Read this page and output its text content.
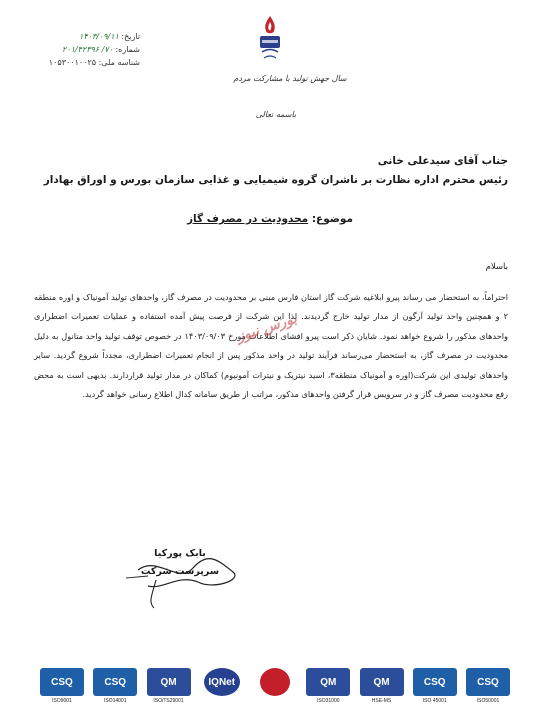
تاریخ: ۱۴۰۳/۰۹/۱۱
شماره: ۷۰/ ۲۰۱/۴۲۳۹۶
شناسه ملی: ۱۰۵۳۰۰۱۰۰۲۵
سال جهش تولید با مشارکت مردم
باسمه تعالی
جناب آقای سیدعلی خانی
رئیس محترم اداره نظارت بر ناشران گروه شیمیایی و غذایی سازمان بورس و اوراق بهادار
موضوع: محدودیت در مصرف گاز
باسلام

احتراماً، به استحضار می رساند پیرو ابلاغیه شرکت گاز استان فارس مبنی بر محدودیت در مصرف گاز، واحدهای تولید آمونیاک و اوره منطقه ۲ و همچنین واحد تولید آرگون از مدار تولید خارج گردیدند. لذا این شرکت از فرصت پیش آمده استفاده و عملیات تعمیرات اضطراری واحدهای مذکور را شروع خواهد نمود. شایان ذکر است پیرو افشای اطلاعات مورخ ۱۴۰۳/۰۹/۰۳ در خصوص توقف تولید واحد متانول به دلیل محدودیت در مصرف گاز، به استحضار می‌رساند فرآیند تولید در واحد مذکور پس از انجام تعمیرات اضطراری، مجدداً شروع گردید. سایر واحدهای تولیدی این شرکت(اوره و آمونیاک منطقه۳، اسید نیتریک و نیترات آمونیوم) کماکان در مدار تولید قراردارند. بدیهی است به محض رفع محدودیت مصرف گاز و در سرویس قرار گرفتن واحدهای مذکور، مراتب از طریق سامانه کدال اطلاع رسانی خواهد گردید.

بورس نیوز
بابک پورکیا
سرپرست شرکت
CSQ
ISO9001
CSQ
ISO14001
QM
ISO/TS29001
IQNet	QM
ISO31000
QM
HSE-MS
CSQ
ISO 45001
CSQ
ISO50001
